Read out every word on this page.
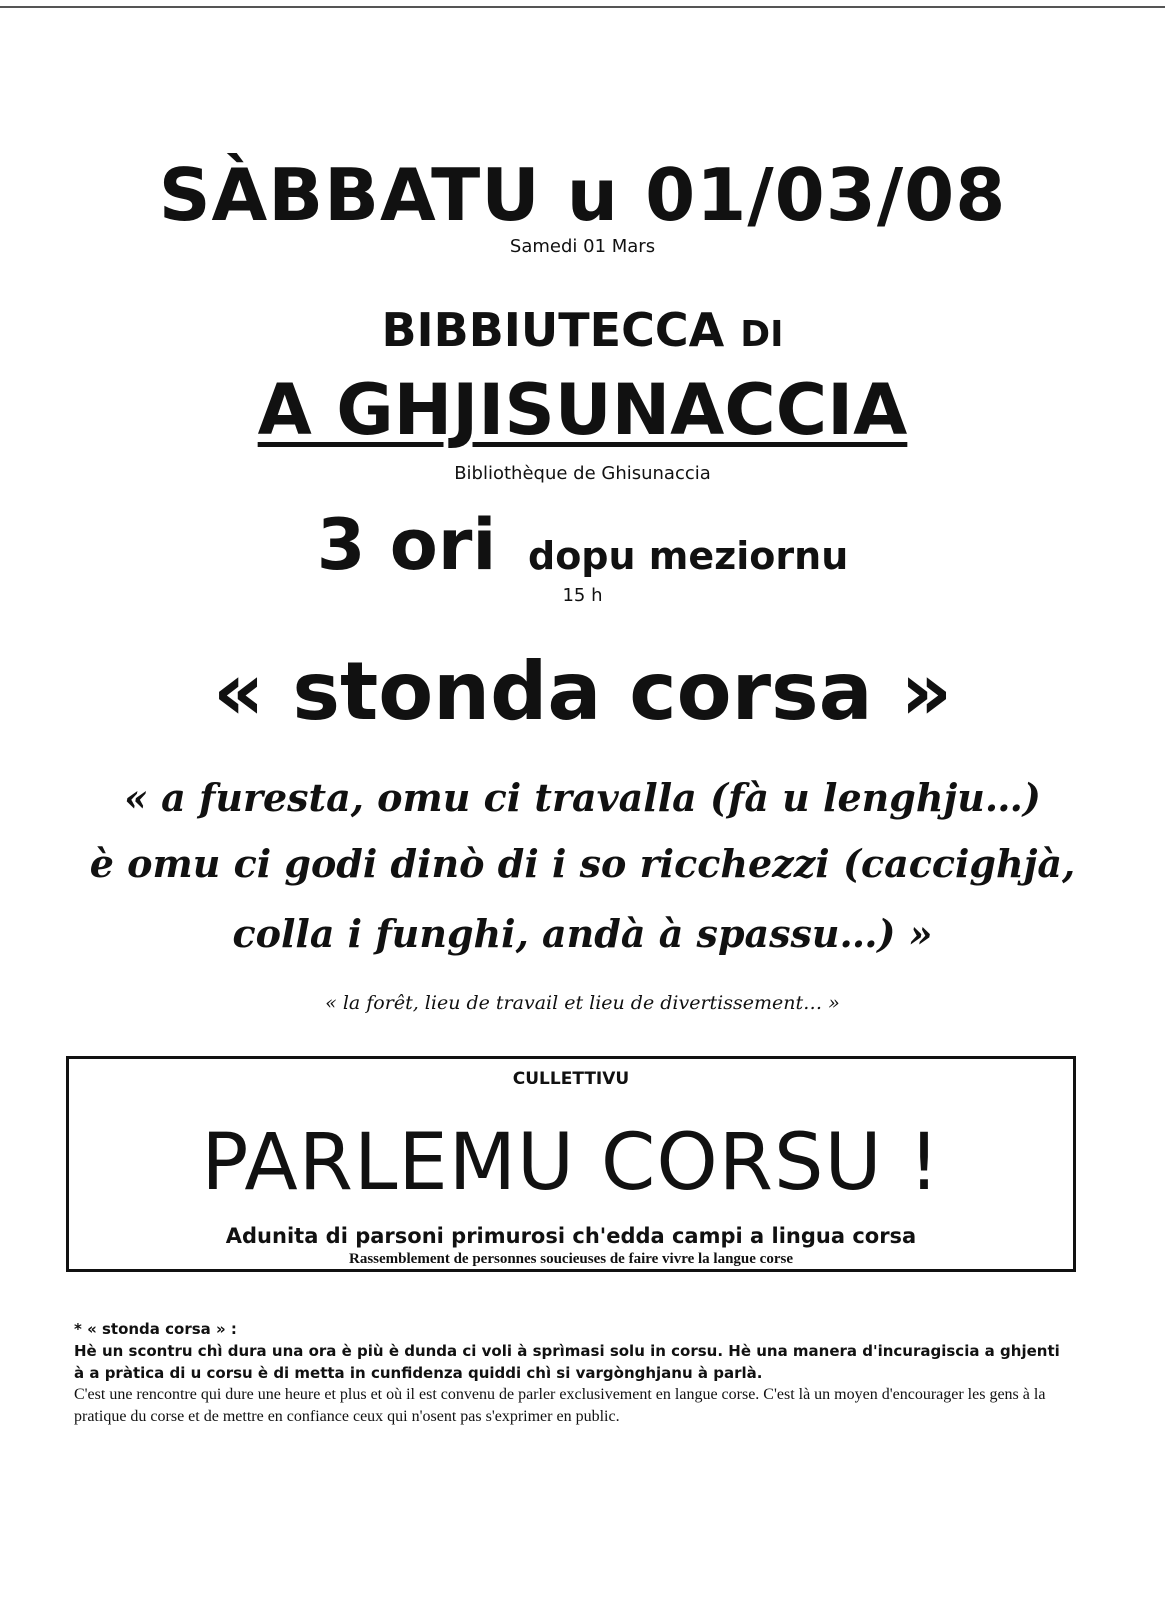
SÀBBATU u 01/03/08
Samedi 01 Mars
BIBBIUTECCA DI
A GHJISUNACCIA
Bibliothèque de Ghisunaccia
3 ori dopu meziornu
15 h
« stonda corsa »
« a furesta, omu ci travalla (fà u lenghju…)
è omu ci godi dinò di i so ricchezzi (caccighjà,
colla i funghi, andà à spassu…) »
« la forêt, lieu de travail et lieu de divertissement… »
CULLETTIVU
PARLEMU CORSU !
Adunita di parsoni primurosi ch'edda campi a lingua corsa
Rassemblement de personnes soucieuses de faire vivre la langue corse

* « stonda corsa » :

Hè un scontru chì dura una ora è più è dunda ci voli à sprìmasi solu in corsu. Hè una manera d'incuragiscia a ghjenti à a pràtica di u corsu è di metta in cunfidenza quiddi chì si vargònghjanu à parlà.

C'est une rencontre qui dure une heure et plus et où il est convenu de parler exclusivement en langue corse. C'est là un moyen d'encourager les gens à la pratique du corse et de mettre en confiance ceux qui n'osent pas s'exprimer en public.
